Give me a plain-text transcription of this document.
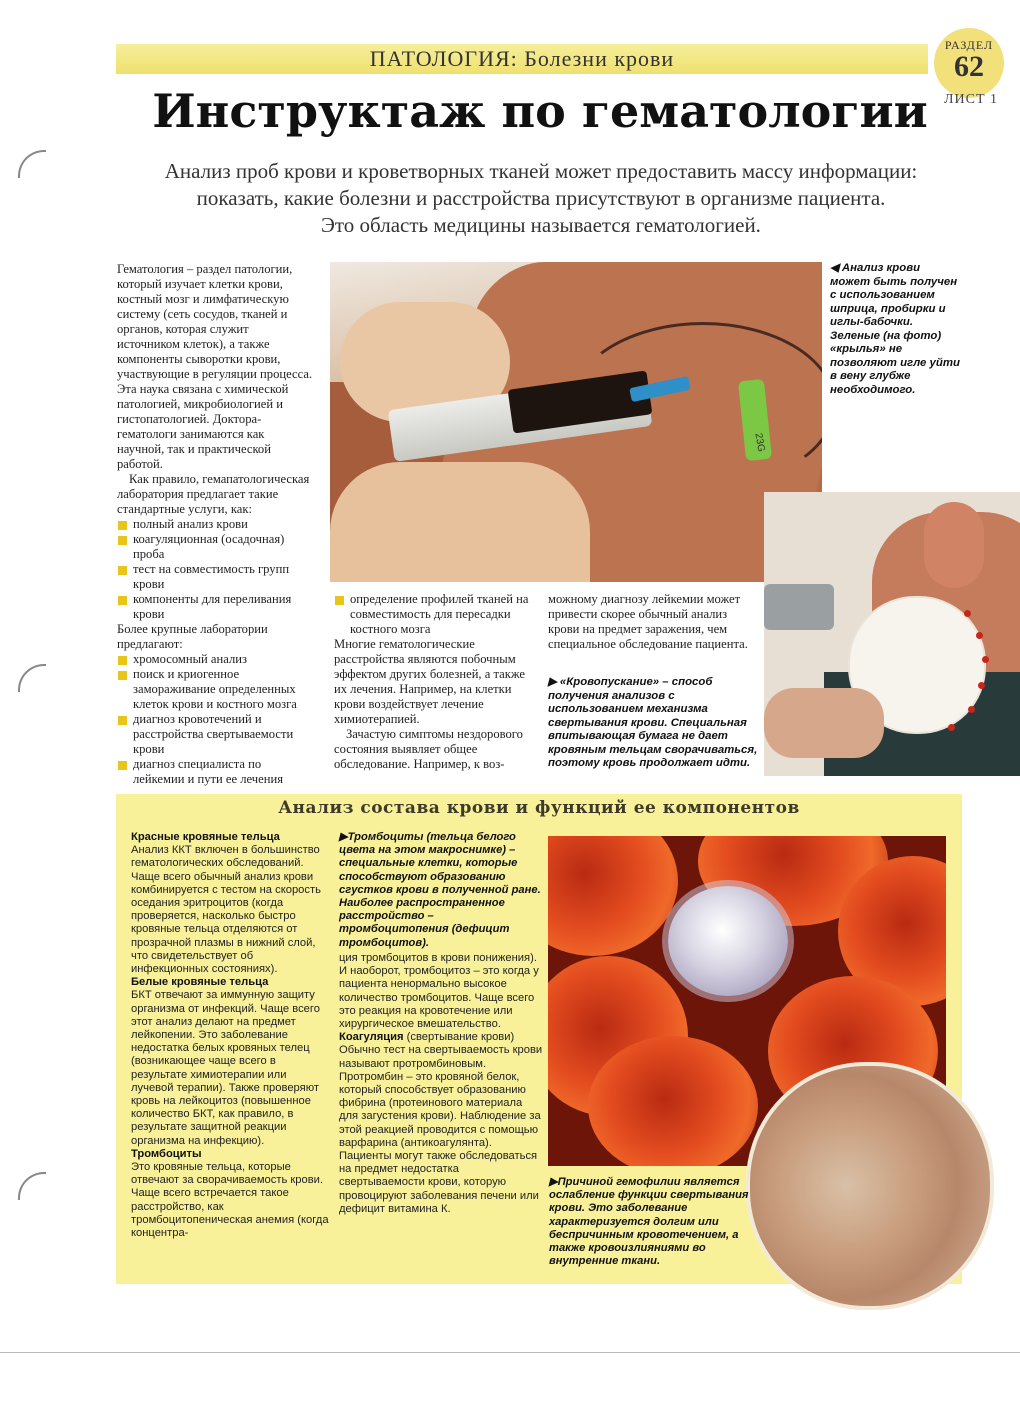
ПАТОЛОГИЯ: Болезни крови
РАЗДЕЛ
62
ЛИСТ 1
Инструктаж по гематологии
Анализ проб крови и кроветворных тканей может предоставить массу информации:
показать, какие болезни и расстройства присутствуют в организме пациента.
Это область медицины называется гематологией.

Гематология – раздел патологии, который изучает клетки крови, костный мозг и лимфатическую систему (сеть сосудов, тканей и органов, которая служит источником клеток), а также компоненты сыворотки крови, участвующие в регуляции процесса. Эта наука связана с химической патологией, микробиологией и гистопатологией. Доктора-гематологи занимаются как научной, так и практической работой.

Как правило, гемапатологическая лаборатория предлагает такие стандартные услуги, как:

полный анализ крови
коагуляционная (осадочная) проба
тест на совместимость групп крови
компоненты для переливания крови

Более крупные лаборатории предлагают:

хромосомный анализ
поиск и криогенное замораживание определенных клеток крови и костного мозга
диагноз кровотечений и расстройства свертываемости крови
диагноз специалиста по лейкемии и пути ее лечения
23G
◀ Анализ крови может быть получен с использованием шприца, пробирки и иглы-бабочки. Зеленые (на фото) «крылья» не позволяют игле уйти в вену глубже необходимого.
определение профилей тканей на совместимость для пересадки костного мозга

Многие гематологические расстройства являются побочным эффектом других болезней, а также их лечения. Например, на клетки крови воздействует лечение химиотерапией.

Зачастую симптомы нездорового состояния выявляет общее обследование. Например, к воз-

можному диагнозу лейкемии может привести скорее обычный анализ крови на предмет заражения, чем специальное обследование пациента.
▶ «Кровопускание» – способ получения анализов с использованием механизма свертывания крови. Специальная впитывающая бумага не дает кровяным тельцам сворачиваться, поэтому кровь продолжает идти.
Анализ состава крови и функций ее компонентов

Красные кровяные тельца

Анализ ККТ включен в большинство гематологических обследований. Чаще всего обычный анализ крови комбинируется с тестом на скорость оседания эритроцитов (когда проверяется, насколько быстро кровяные тельца отделяются от прозрачной плазмы в нижний слой, что свидетельствует об инфекционных состояниях).

Белые кровяные тельца

БКТ отвечают за иммунную защиту организма от инфекций. Чаще всего этот анализ делают на предмет лейкопении. Это заболевание недостатка белых кровяных телец (возникающее чаще всего в результате химиотерапии или лучевой терапии). Также проверяют кровь на лейкоцитоз (повышенное количество БКТ, как правило, в результате защитной реакции организма на инфекцию).

Тромбоциты

Это кровяные тельца, которые отвечают за сворачиваемость крови. Чаще всего встречается такое расстройство, как тромбоцитопеническая анемия (когда концентра-

▶Тромбоциты (тельца белого цвета на этом макроснимке) – специальные клетки, которые способствуют образованию сгустков крови в полученной ране. Наиболее распространенное расстройство – тромбоцитопения (дефицит тромбоцитов).

ция тромбоцитов в крови понижения). И наоборот, тромбоцитоз – это когда у пациента ненормально высокое количество тромбоцитов. Чаще всего это реакция на кровотечение или хирургическое вмешательство.

Коагуляция (свертывание крови)

Обычно тест на свертываемость крови называют протромбиновым. Протромбин – это кровяной белок, который способствует образованию фибрина (протеинового материала для загустения крови). Наблюдение за этой реакцией проводится с помощью варфарина (антикоагулянта). Пациенты могут также обследоваться на предмет недостатка свертываемости крови, которую провоцируют заболевания печени или дефицит витамина К.

▶Причиной гемофилии является ослабление функции свертывания крови. Это заболевание характеризуется долгим или беспричинным кровотечением, а также кровоизлияниями во внутренние ткани.
